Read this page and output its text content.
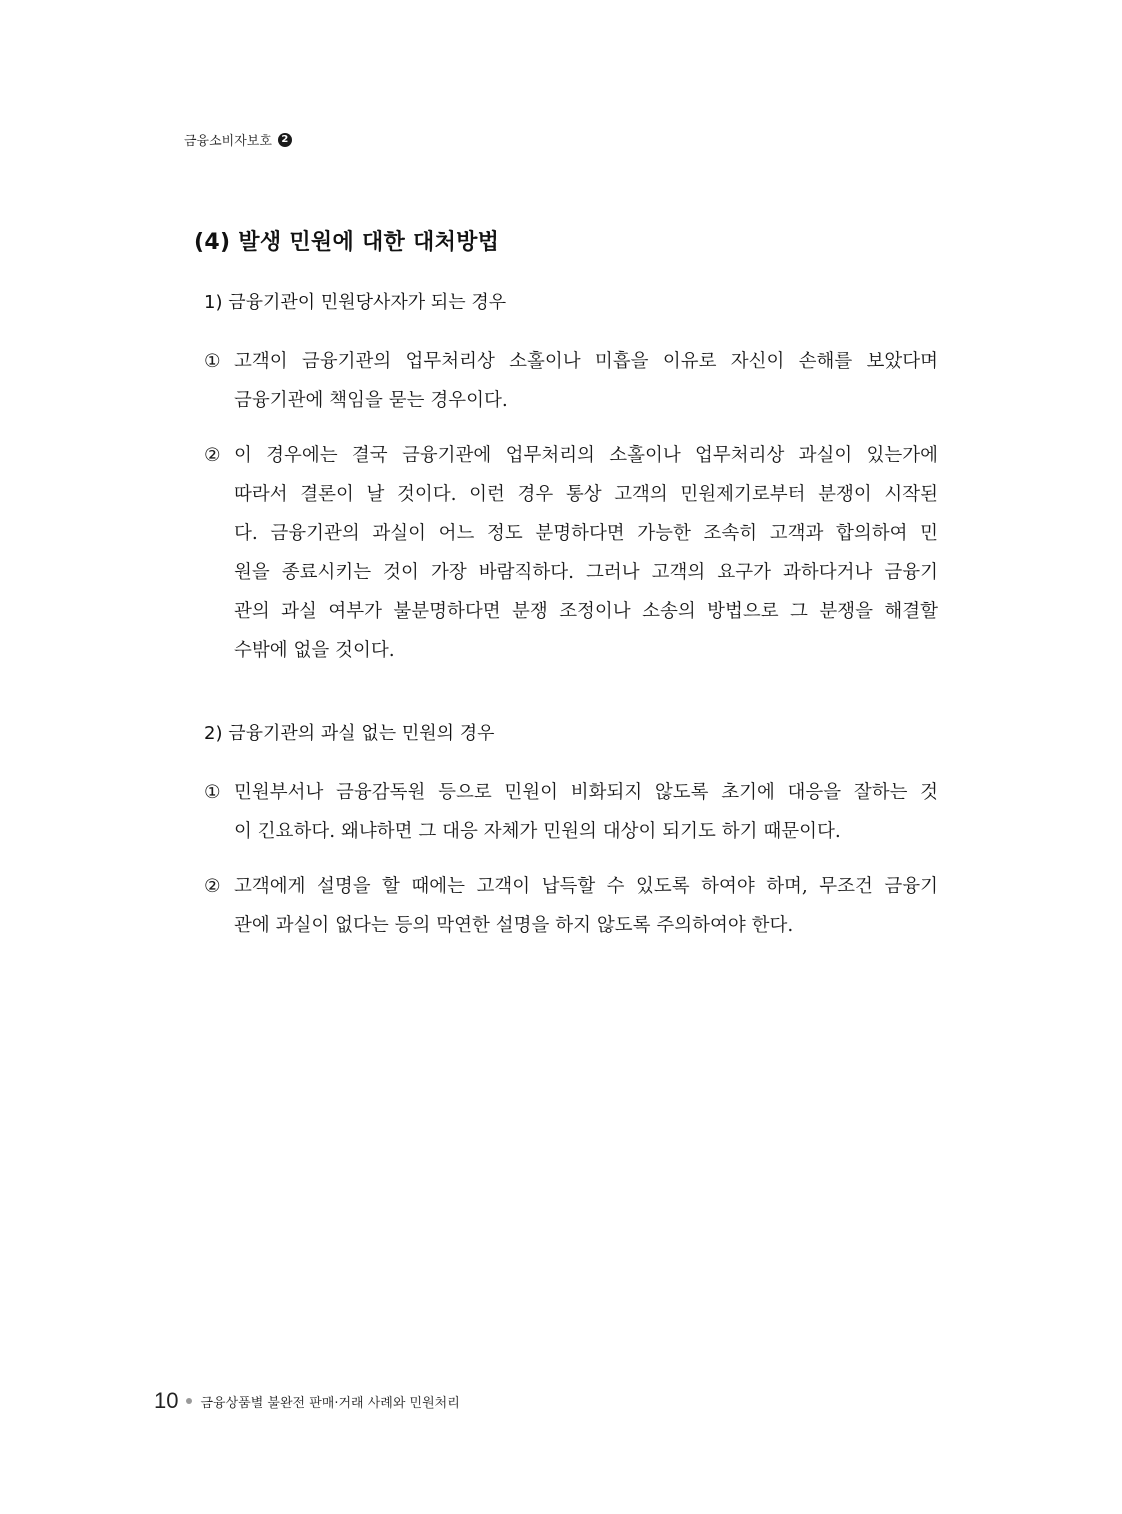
금융소비자보호 2
(4) 발생 민원에 대한 대처방법
1) 금융기관이 민원당사자가 되는 경우
① 고객이 금융기관의 업무처리상 소홀이나 미흡을 이유로 자신이 손해를 보았다며
금융기관에 책임을 묻는 경우이다.
② 이 경우에는 결국 금융기관에 업무처리의 소홀이나 업무처리상 과실이 있는가에
따라서 결론이 날 것이다. 이런 경우 통상 고객의 민원제기로부터 분쟁이 시작된
다. 금융기관의 과실이 어느 정도 분명하다면 가능한 조속히 고객과 합의하여 민
원을 종료시키는 것이 가장 바람직하다. 그러나 고객의 요구가 과하다거나 금융기
관의 과실 여부가 불분명하다면 분쟁 조정이나 소송의 방법으로 그 분쟁을 해결할
수밖에 없을 것이다.
2) 금융기관의 과실 없는 민원의 경우
① 민원부서나 금융감독원 등으로 민원이 비화되지 않도록 초기에 대응을 잘하는 것
이 긴요하다. 왜냐하면 그 대응 자체가 민원의 대상이 되기도 하기 때문이다.
② 고객에게 설명을 할 때에는 고객이 납득할 수 있도록 하여야 하며, 무조건 금융기
관에 과실이 없다는 등의 막연한 설명을 하지 않도록 주의하여야 한다.
10 금융상품별 불완전 판매·거래 사례와 민원처리
